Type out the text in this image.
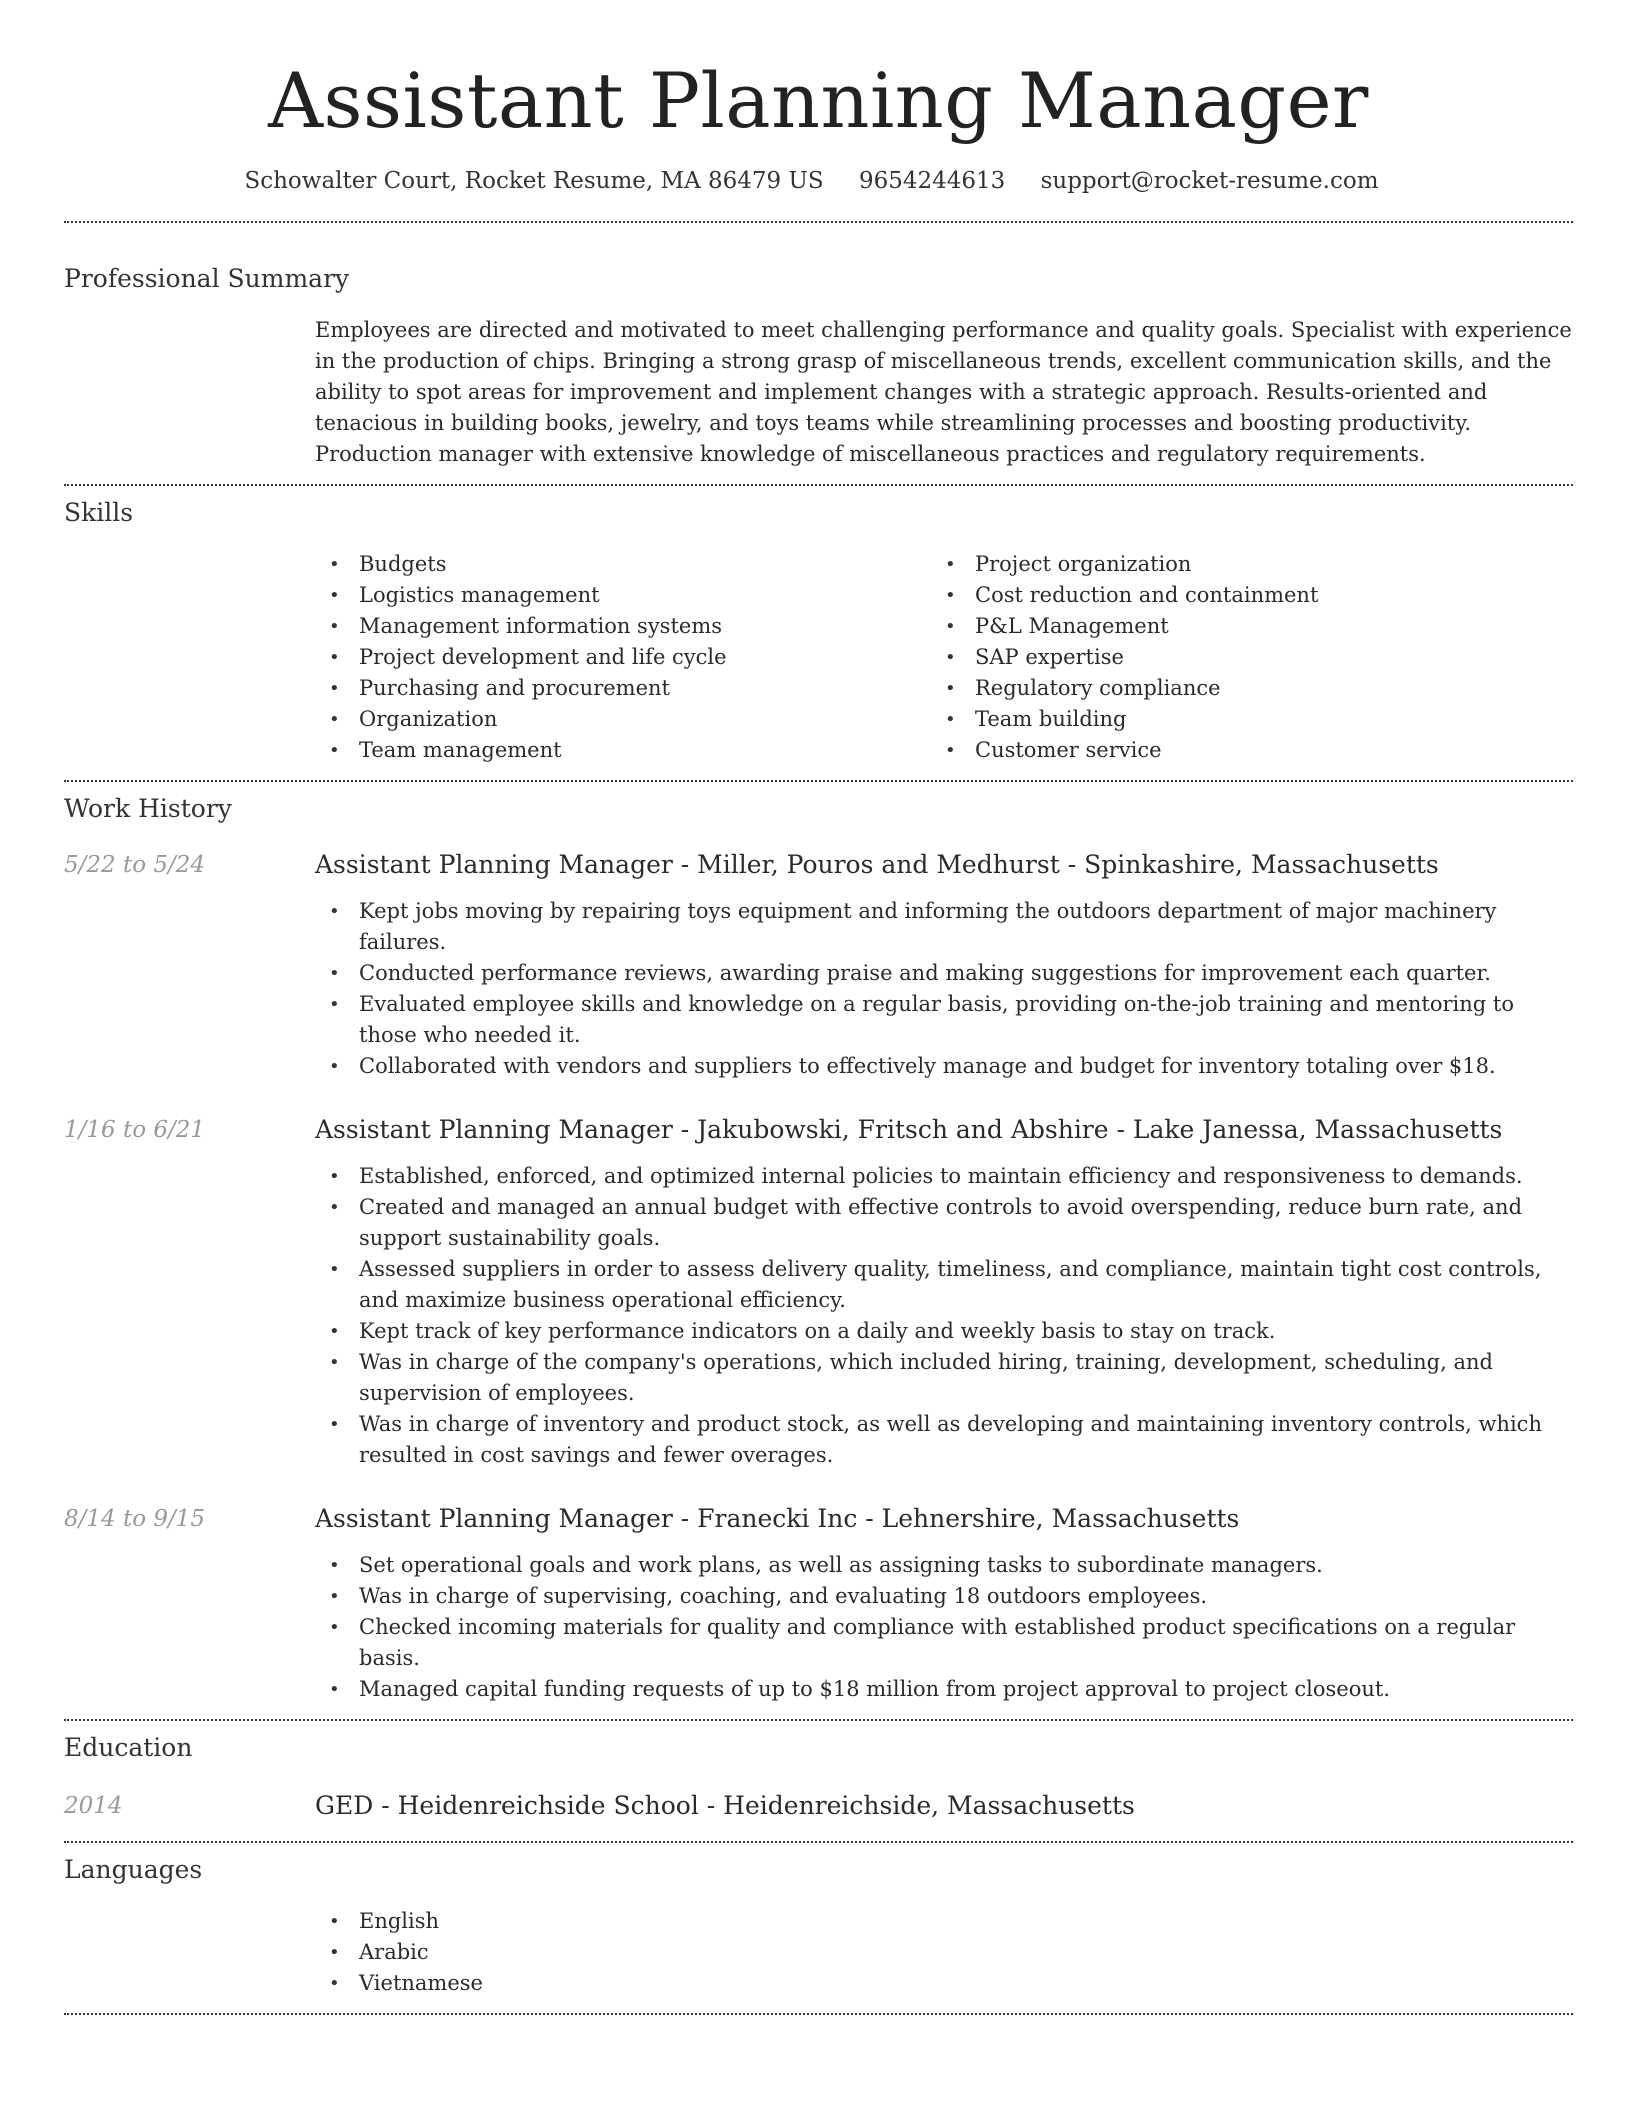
Assistant Planning Manager
Schowalter Court, Rocket Resume, MA 86479 US 9654244613 support@rocket-resume.com
Professional Summary
Employees are directed and motivated to meet challenging performance and quality goals. Specialist with experience in the production of chips. Bringing a strong grasp of miscellaneous trends, excellent communication skills, and the ability to spot areas for improvement and implement changes with a strategic approach. Results-oriented and tenacious in building books, jewelry, and toys teams while streamlining processes and boosting productivity. Production manager with extensive knowledge of miscellaneous practices and regulatory requirements.
Skills
• Budgets
• Logistics management
• Management information systems
• Project development and life cycle
• Purchasing and procurement
• Organization
• Team management
• Project organization
• Cost reduction and containment
• P&L Management
• SAP expertise
• Regulatory compliance
• Team building
• Customer service
Work History
5/22 to 5/24	Assistant Planning Manager - Miller, Pouros and Medhurst - Spinkashire, Massachusetts
• Kept jobs moving by repairing toys equipment and informing the outdoors department of major machinery failures.
• Conducted performance reviews, awarding praise and making suggestions for improvement each quarter.
• Evaluated employee skills and knowledge on a regular basis, providing on-the-job training and mentoring to those who needed it.
• Collaborated with vendors and suppliers to effectively manage and budget for inventory totaling over $18.
1/16 to 6/21	Assistant Planning Manager - Jakubowski, Fritsch and Abshire - Lake Janessa, Massachusetts
• Established, enforced, and optimized internal policies to maintain efficiency and responsiveness to demands.
• Created and managed an annual budget with effective controls to avoid overspending, reduce burn rate, and support sustainability goals.
• Assessed suppliers in order to assess delivery quality, timeliness, and compliance, maintain tight cost controls, and maximize business operational efficiency.
• Kept track of key performance indicators on a daily and weekly basis to stay on track.
• Was in charge of the company's operations, which included hiring, training, development, scheduling, and supervision of employees.
• Was in charge of inventory and product stock, as well as developing and maintaining inventory controls, which resulted in cost savings and fewer overages.
8/14 to 9/15	Assistant Planning Manager - Franecki Inc - Lehnershire, Massachusetts
• Set operational goals and work plans, as well as assigning tasks to subordinate managers.
• Was in charge of supervising, coaching, and evaluating 18 outdoors employees.
• Checked incoming materials for quality and compliance with established product specifications on a regular basis.
• Managed capital funding requests of up to $18 million from project approval to project closeout.
Education
2014	GED - Heidenreichside School - Heidenreichside, Massachusetts
Languages
• English
• Arabic
• Vietnamese
